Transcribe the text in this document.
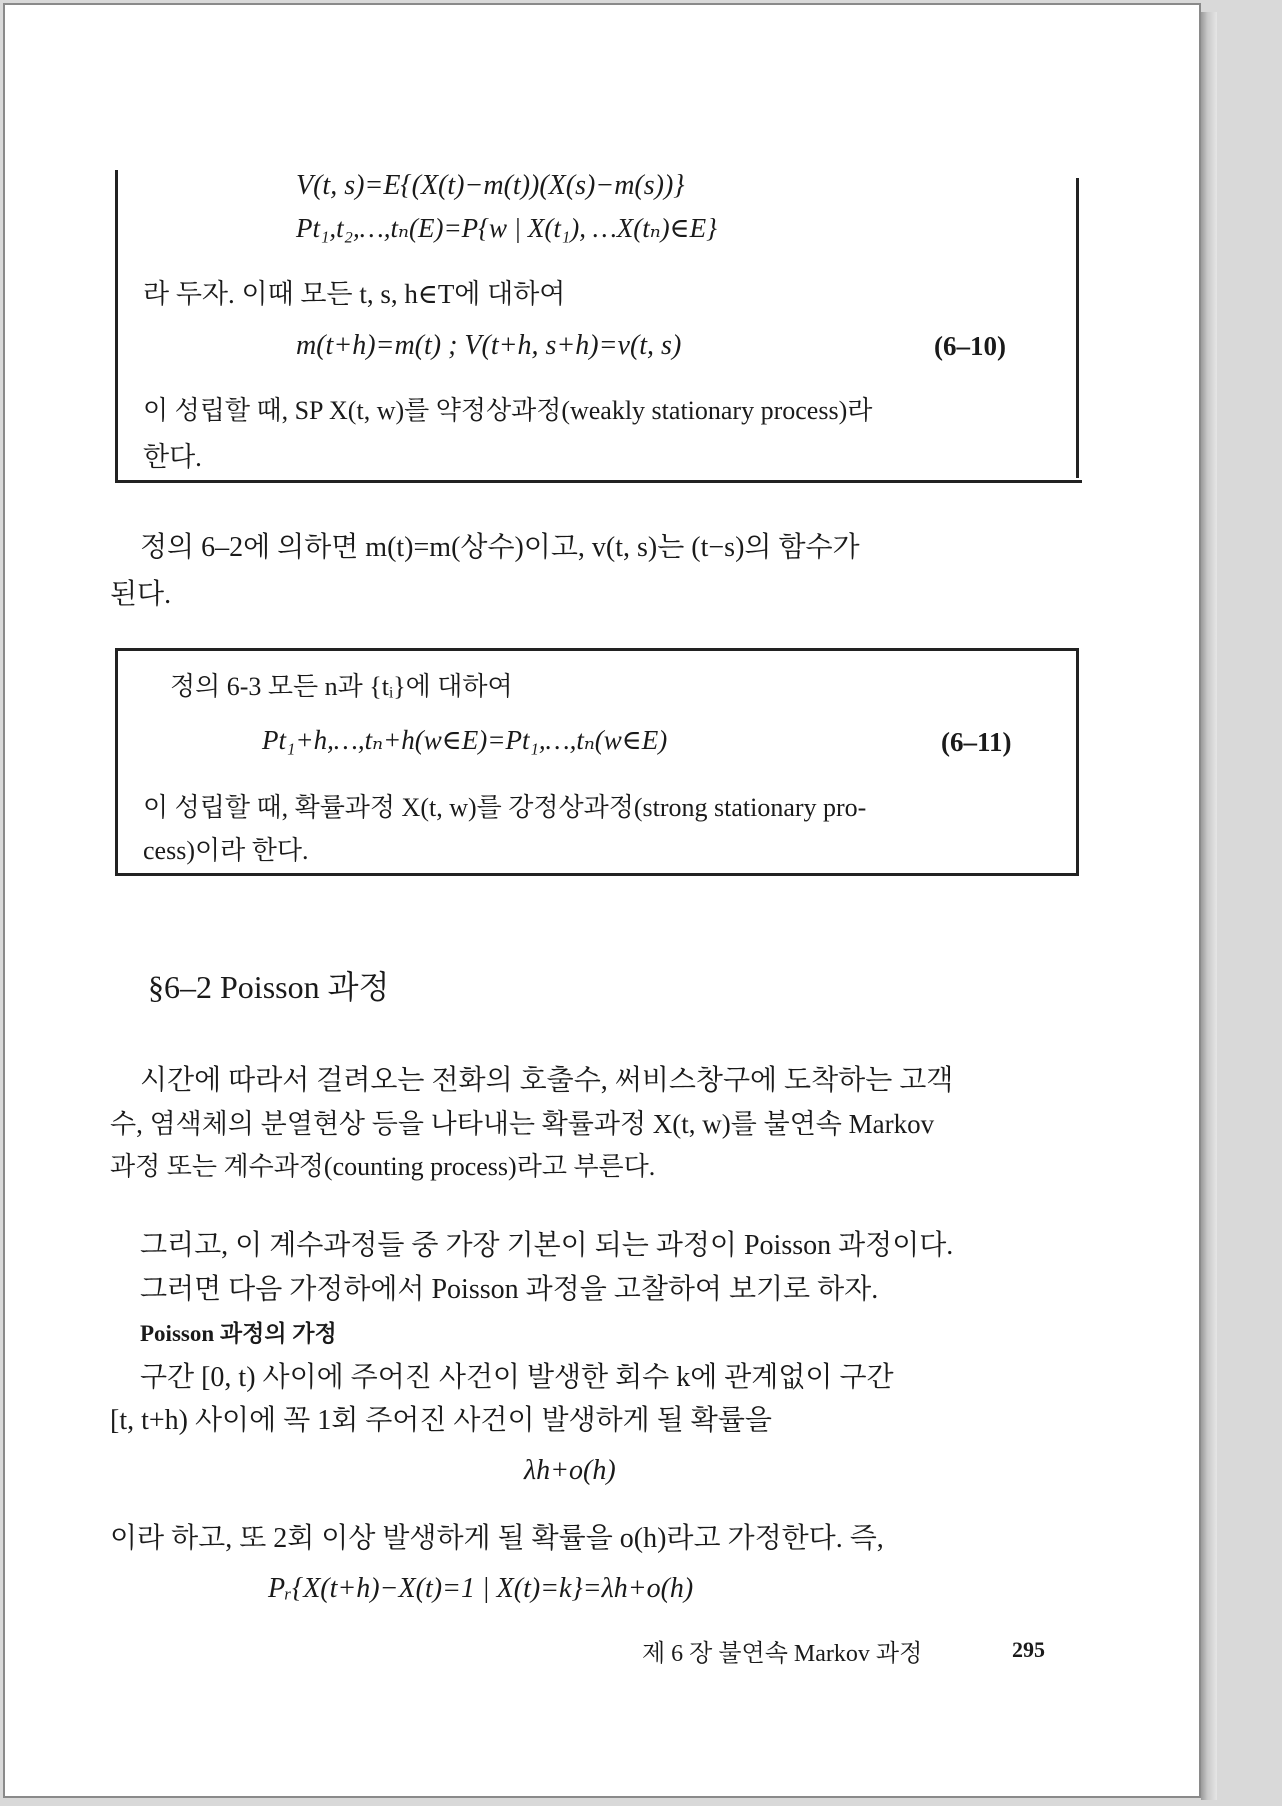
V(t, s)=E{(X(t)−m(t))(X(s)−m(s))}
Pt₁,t₂,…,tₙ(E)=P{w | X(t₁), …X(tₙ)∈E}
라 두자. 이때 모든 t, s, h∈T에 대하여
m(t+h)=m(t) ; V(t+h, s+h)=v(t, s)	(6–10)
이 성립할 때, SP X(t, w)를 약정상과정(weakly stationary process)라
한다.
정의 6–2에 의하면 m(t)=m(상수)이고, v(t, s)는 (t−s)의 함수가
된다.
정의 6-3 모든 n과 {tᵢ}에 대하여
Pt₁+h,…,tₙ+h(w∈E)=Pt₁,…,tₙ(w∈E)	(6–11)
이 성립할 때, 확률과정 X(t, w)를 강정상과정(strong stationary pro-
cess)이라 한다.
§6–2 Poisson 과정
시간에 따라서 걸려오는 전화의 호출수, 써비스창구에 도착하는 고객
수, 염색체의 분열현상 등을 나타내는 확률과정 X(t, w)를 불연속 Markov
과정 또는 계수과정(counting process)라고 부른다.
그리고, 이 계수과정들 중 가장 기본이 되는 과정이 Poisson 과정이다.
그러면 다음 가정하에서 Poisson 과정을 고찰하여 보기로 하자.
Poisson 과정의 가정
구간 [0, t) 사이에 주어진 사건이 발생한 회수 k에 관계없이 구간
[t, t+h) 사이에 꼭 1회 주어진 사건이 발생하게 될 확률을
λh+o(h)
이라 하고, 또 2회 이상 발생하게 될 확률을 o(h)라고 가정한다. 즉,
Pᵣ{X(t+h)−X(t)=1 | X(t)=k}=λh+o(h)
제 6 장 불연속 Markov 과정	295
